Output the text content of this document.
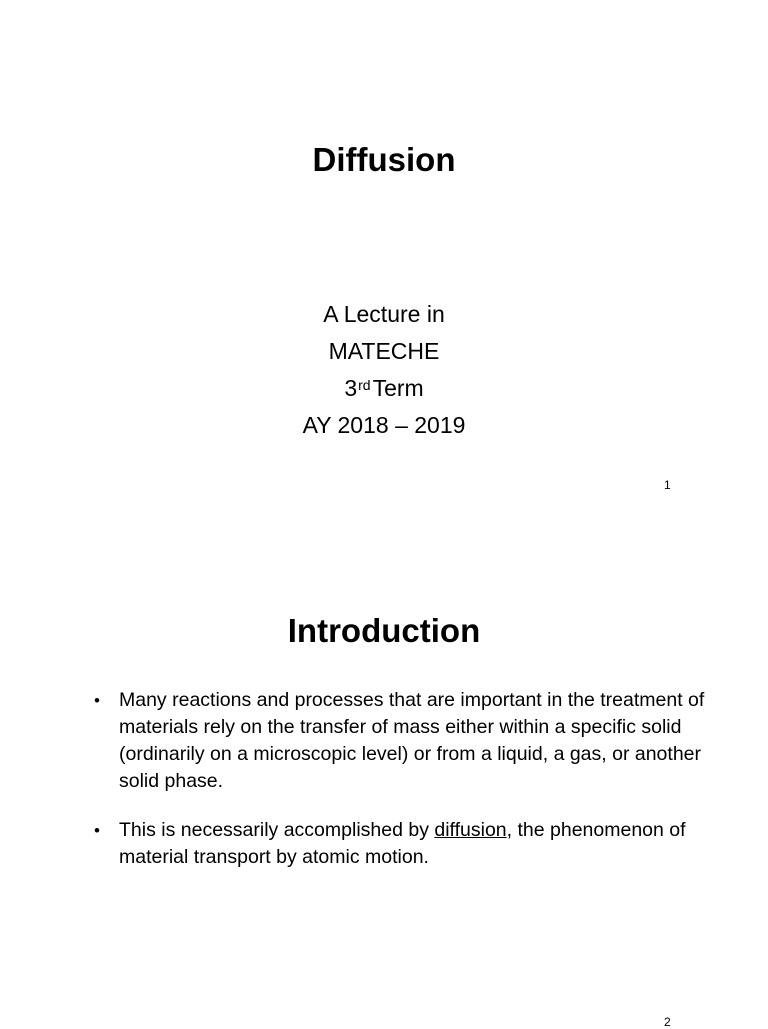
Diffusion
A Lecture in
MATECHE
3rdTerm
AY 2018 – 2019
1
Introduction
• Many reactions and processes that are important in the treatment of materials rely on the transfer of mass either within a specific solid (ordinarily on a microscopic level) or from a liquid, a gas, or another solid phase.
• This is necessarily accomplished by diffusion, the phenomenon of material transport by atomic motion.
2
